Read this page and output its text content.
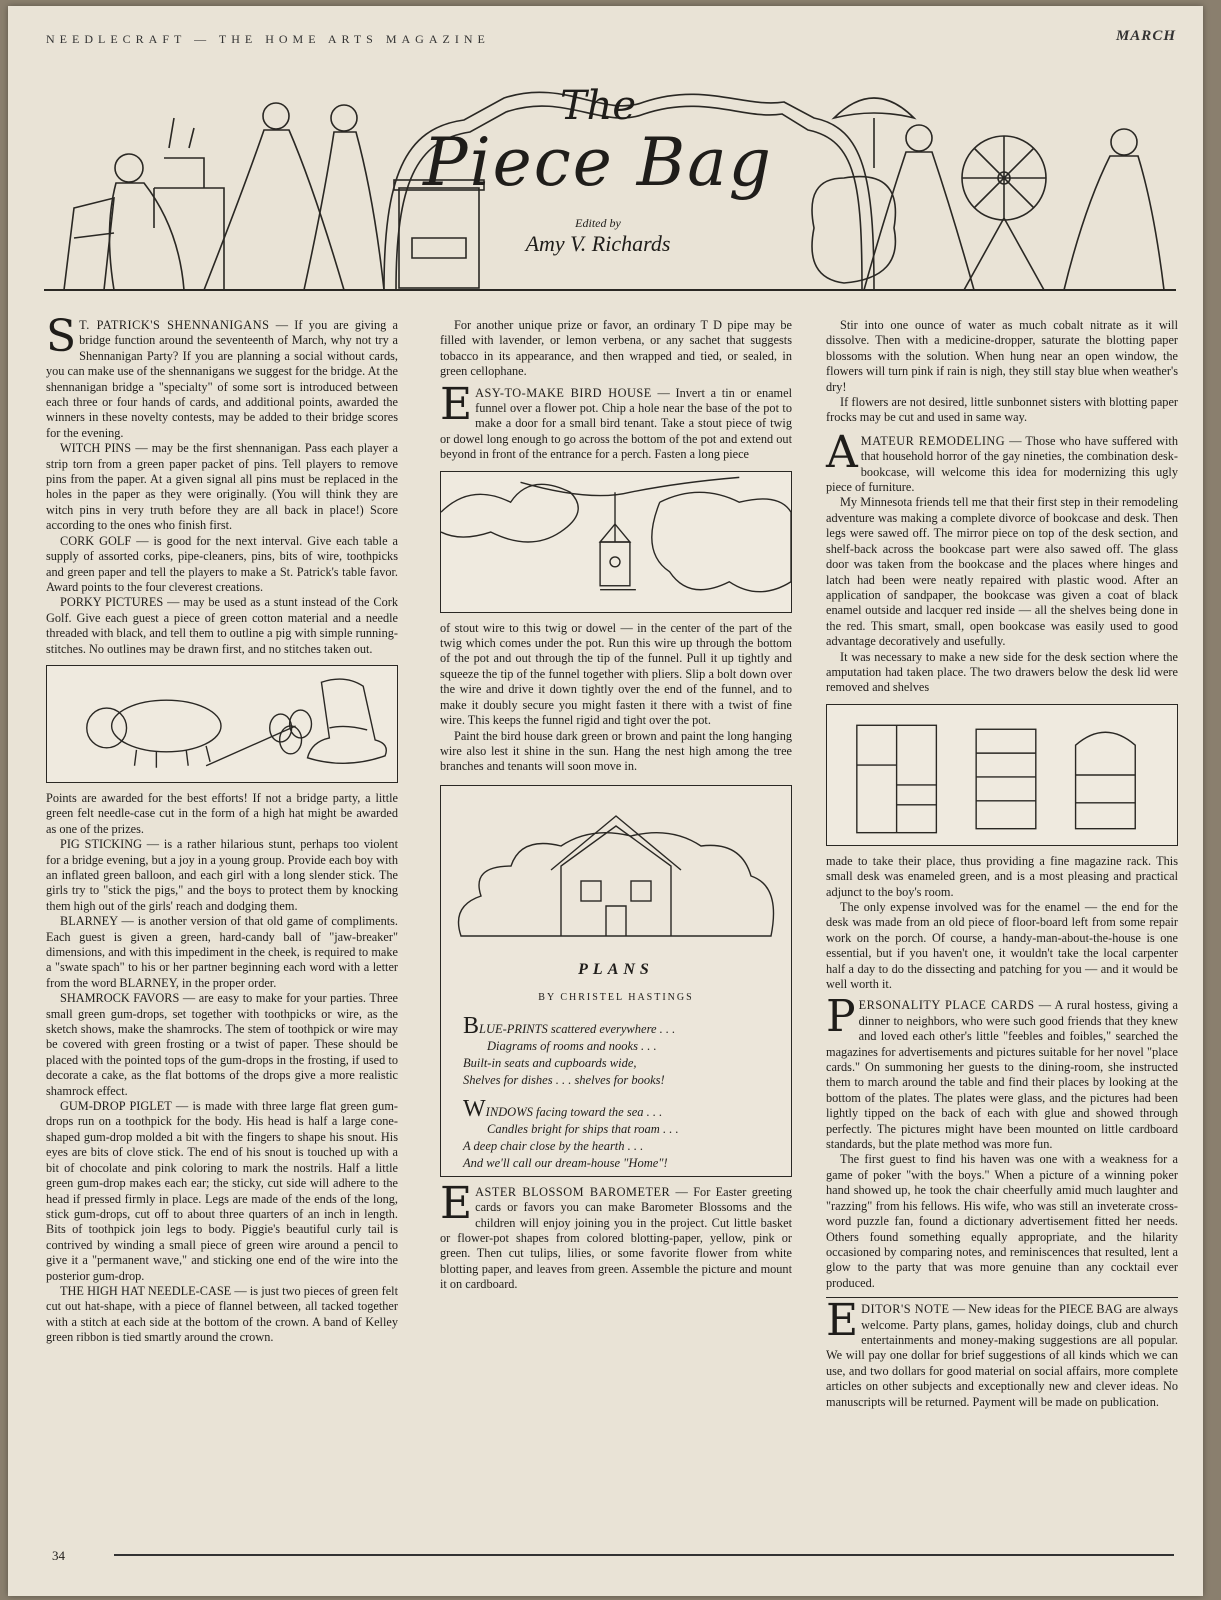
NEEDLECRAFT — THE HOME ARTS MAGAZINE	MARCH
The
Piece Bag
Edited by
Amy V. Richards

S T. PATRICK'S SHENNANIGANS — If you are giving a bridge function around the seventeenth of March, why not try a Shennanigan Party? If you are planning a social without cards, you can make use of the shennanigans we suggest for the bridge. At the shennanigan bridge a "specialty" of some sort is introduced between each three or four hands of cards, and additional points, awarded the winners in these novelty contests, may be added to their bridge scores for the evening.

WITCH PINS — may be the first shennanigan. Pass each player a strip torn from a green paper packet of pins. Tell players to remove pins from the paper. At a given signal all pins must be replaced in the holes in the paper as they were originally. (You will think they are witch pins in very truth before they are all back in place!) Score according to the ones who finish first.

CORK GOLF — is good for the next interval. Give each table a supply of assorted corks, pipe-cleaners, pins, bits of wire, toothpicks and green paper and tell the players to make a St. Patrick's table favor. Award points to the four cleverest creations.

PORKY PICTURES — may be used as a stunt instead of the Cork Golf. Give each guest a piece of green cotton material and a needle threaded with black, and tell them to outline a pig with simple running-stitches. No outlines may be drawn first, and no stitches taken out.

Points are awarded for the best efforts! If not a bridge party, a little green felt needle-case cut in the form of a high hat might be awarded as one of the prizes.

PIG STICKING — is a rather hilarious stunt, perhaps too violent for a bridge evening, but a joy in a young group. Provide each boy with an inflated green balloon, and each girl with a long slender stick. The girls try to "stick the pigs," and the boys to protect them by knocking them high out of the girls' reach and dodging them.

BLARNEY — is another version of that old game of compliments. Each guest is given a green, hard-candy ball of "jaw-breaker" dimensions, and with this impediment in the cheek, is required to make a "swate spach" to his or her partner beginning each word with a letter from the word BLARNEY, in the proper order.

SHAMROCK FAVORS — are easy to make for your parties. Three small green gum-drops, set together with toothpicks or wire, as the sketch shows, make the shamrocks. The stem of toothpick or wire may be covered with green frosting or a twist of paper. These should be placed with the pointed tops of the gum-drops in the frosting, if used to decorate a cake, as the flat bottoms of the drops give a more realistic shamrock effect.

GUM-DROP PIGLET — is made with three large flat green gum-drops run on a toothpick for the body. His head is half a large cone-shaped gum-drop molded a bit with the fingers to shape his snout. His eyes are bits of clove stick. The end of his snout is touched up with a bit of chocolate and pink coloring to mark the nostrils. Half a little green gum-drop makes each ear; the sticky, cut side will adhere to the head if pressed firmly in place. Legs are made of the ends of the long, stick gum-drops, cut off to about three quarters of an inch in length. Bits of toothpick join legs to body. Piggie's beautiful curly tail is contrived by winding a small piece of green wire around a pencil to give it a "permanent wave," and sticking one end of the wire into the posterior gum-drop.

THE HIGH HAT NEEDLE-CASE — is just two pieces of green felt cut out hat-shape, with a piece of flannel between, all tacked together with a stitch at each side at the bottom of the crown. A band of Kelley green ribbon is tied smartly around the crown.

For another unique prize or favor, an ordinary T D pipe may be filled with lavender, or lemon verbena, or any sachet that suggests tobacco in its appearance, and then wrapped and tied, or sealed, in green cellophane.

EASY-TO-MAKE BIRD HOUSE — Invert a tin or enamel funnel over a flower pot. Chip a hole near the base of the pot to make a door for a small bird tenant. Take a stout piece of twig or dowel long enough to go across the bottom of the pot and extend out beyond in front of the entrance for a perch. Fasten a long piece

of stout wire to this twig or dowel — in the center of the part of the twig which comes under the pot. Run this wire up through the bottom of the pot and out through the tip of the funnel. Pull it up tightly and squeeze the tip of the funnel together with pliers. Slip a bolt down over the wire and drive it down tightly over the end of the funnel, and to make it doubly secure you might fasten it there with a twist of fine wire. This keeps the funnel rigid and tight over the pot.

Paint the bird house dark green or brown and paint the long hanging wire also lest it shine in the sun. Hang the nest high among the tree branches and tenants will soon move in.

PLANS
BY CHRISTEL HASTINGS
BLUE-PRINTS scattered everywhere . . .
Diagrams of rooms and nooks . . .
Built-in seats and cupboards wide,
Shelves for dishes . . . shelves for books!
WINDOWS facing toward the sea . . .
Candles bright for ships that roam . . .
A deep chair close by the hearth . . .
And we'll call our dream-house "Home"!

EASTER BLOSSOM BAROMETER — For Easter greeting cards or favors you can make Barometer Blossoms and the children will enjoy joining you in the project. Cut little basket or flower-pot shapes from colored blotting-paper, yellow, pink or green. Then cut tulips, lilies, or some favorite flower from white blotting paper, and leaves from green. Assemble the picture and mount it on cardboard.

Stir into one ounce of water as much cobalt nitrate as it will dissolve. Then with a medicine-dropper, saturate the blotting paper blossoms with the solution. When hung near an open window, the flowers will turn pink if rain is nigh, they still stay blue when weather's dry!

If flowers are not desired, little sunbonnet sisters with blotting paper frocks may be cut and used in same way.

AMATEUR REMODELING — Those who have suffered with that household horror of the gay nineties, the combination desk-bookcase, will welcome this idea for modernizing this ugly piece of furniture.

My Minnesota friends tell me that their first step in their remodeling adventure was making a complete divorce of bookcase and desk. Then legs were sawed off. The mirror piece on top of the desk section, and shelf-back across the bookcase part were also sawed off. The glass door was taken from the bookcase and the places where hinges and latch had been were neatly repaired with plastic wood. After an application of sandpaper, the bookcase was given a coat of black enamel outside and lacquer red inside — all the shelves being done in the red. This smart, small, open bookcase was easily used to good advantage decoratively and usefully.

It was necessary to make a new side for the desk section where the amputation had taken place. The two drawers below the desk lid were removed and shelves

made to take their place, thus providing a fine magazine rack. This small desk was enameled green, and is a most pleasing and practical adjunct to the boy's room.

The only expense involved was for the enamel — the end for the desk was made from an old piece of floor-board left from some repair work on the porch. Of course, a handy-man-about-the-house is one essential, but if you haven't one, it wouldn't take the local carpenter half a day to do the dissecting and patching for you — and it would be well worth it.

PERSONALITY PLACE CARDS — A rural hostess, giving a dinner to neighbors, who were such good friends that they knew and loved each other's little "feebles and foibles," searched the magazines for advertisements and pictures suitable for her novel "place cards." On summoning her guests to the dining-room, she instructed them to march around the table and find their places by looking at the bottom of the plates. The plates were glass, and the pictures had been lightly tipped on the back of each with glue and showed through perfectly. The pictures might have been mounted on little cardboard standards, but the plate method was more fun.

The first guest to find his haven was one with a weakness for a game of poker "with the boys." When a picture of a winning poker hand showed up, he took the chair cheerfully amid much laughter and "razzing" from his fellows. His wife, who was still an inveterate cross-word puzzle fan, found a dictionary advertisement fitted her needs. Others found something equally appropriate, and the hilarity occasioned by comparing notes, and reminiscences that resulted, lent a glow to the party that was more genuine than any cocktail ever produced.

EDITOR'S NOTE — New ideas for the PIECE BAG are always welcome. Party plans, games, holiday doings, club and church entertainments and money-making suggestions are all popular. We will pay one dollar for brief suggestions of all kinds which we can use, and two dollars for good material on social affairs, more complete articles on other subjects and exceptionally new and clever ideas. No manuscripts will be returned. Payment will be made on publication.

34
